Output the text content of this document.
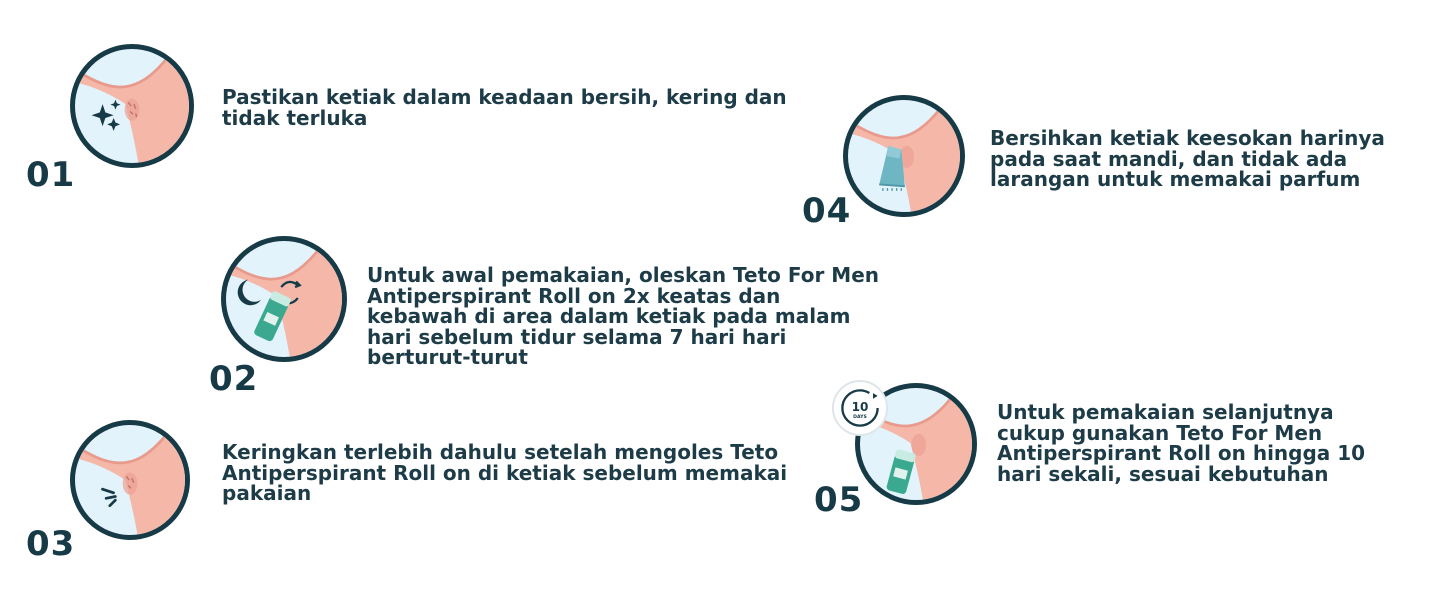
01
Pastikan ketiak dalam keadaan bersih, kering dan
tidak terluka
02
Untuk awal pemakaian, oleskan Teto For Men
Antiperspirant Roll on 2x keatas dan
kebawah di area dalam ketiak pada malam
hari sebelum tidur selama 7 hari hari
berturut-turut
03
Keringkan terlebih dahulu setelah mengoles Teto
Antiperspirant Roll on di ketiak sebelum memakai
pakaian
04
Bersihkan ketiak keesokan harinya
pada saat mandi, dan tidak ada
larangan untuk memakai parfum
10
DAYS
05
Untuk pemakaian selanjutnya
cukup gunakan Teto For Men
Antiperspirant Roll on hingga 10
hari sekali, sesuai kebutuhan
